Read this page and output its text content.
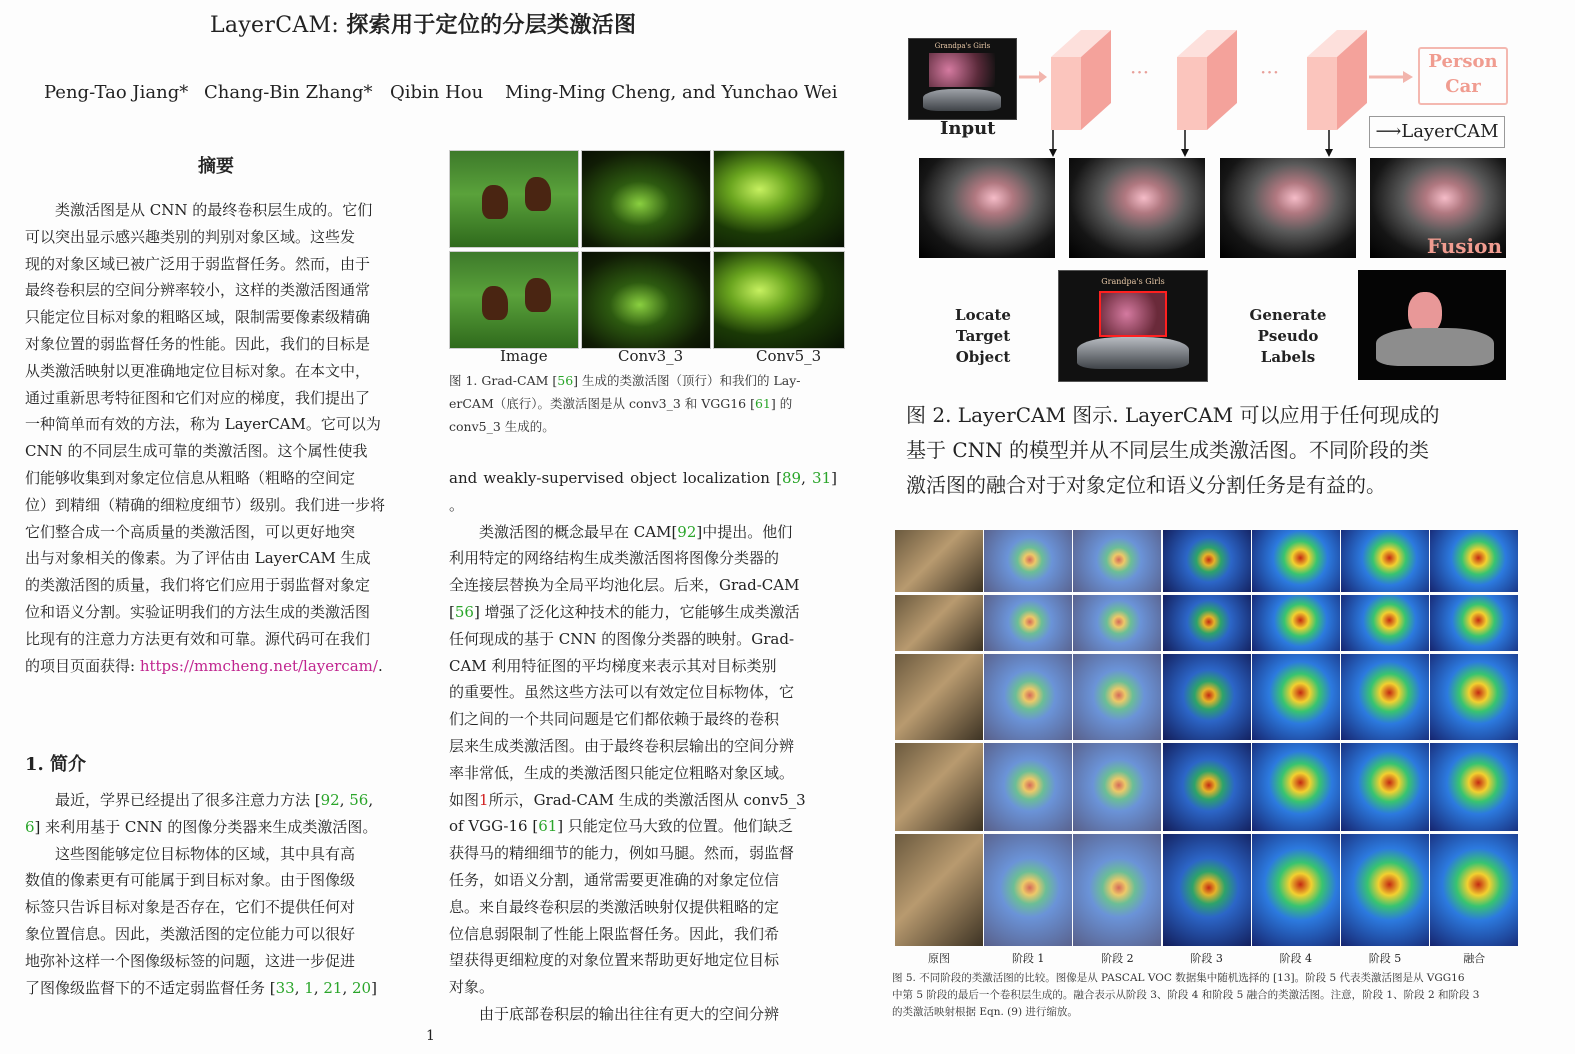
LayerCAM: 探索用于定位的分层类激活图
Peng-Tao Jiang* Chang-Bin Zhang* Qibin Hou Ming-Ming Cheng, and Yunchao Wei
摘要
类激活图是从 CNN 的最终卷积层生成的。它们
可以突出显示感兴趣类别的判别对象区域。这些发
现的对象区域已被广泛用于弱监督任务。然而，由于
最终卷积层的空间分辨率较小，这样的类激活图通常
只能定位目标对象的粗略区域，限制需要像素级精确
对象位置的弱监督任务的性能。因此，我们的目标是
从类激活映射以更准确地定位目标对象。在本文中，
通过重新思考特征图和它们对应的梯度，我们提出了
一种简单而有效的方法，称为 LayerCAM。它可以为
CNN 的不同层生成可靠的类激活图。这个属性使我
们能够收集到对象定位信息从粗略（粗略的空间定
位）到精细（精确的细粒度细节）级别。我们进一步将
它们整合成一个高质量的类激活图，可以更好地突
出与对象相关的像素。为了评估由 LayerCAM 生成
的类激活图的质量，我们将它们应用于弱监督对象定
位和语义分割。实验证明我们的方法生成的类激活图
比现有的注意力方法更有效和可靠。源代码可在我们
的项目页面获得: https://mmcheng.net/layercam/.
1. 简介
最近，学界已经提出了很多注意力方法 [92, 56,
6] 来利用基于 CNN 的图像分类器来生成类激活图。
这些图能够定位目标物体的区域，其中具有高
数值的像素更有可能属于到目标对象。由于图像级
标签只告诉目标对象是否存在，它们不提供任何对
象位置信息。因此，类激活图的定位能力可以很好
地弥补这样一个图像级标签的问题，这进一步促进
了图像级监督下的不适定弱监督任务 [33, 1, 21, 20]
Image	Conv3_3	Conv5_3
图 1. Grad-CAM [56] 生成的类激活图（顶行）和我们的 Lay-
erCAM（底行）。类激活图是从 conv3_3 和 VGG16 [61] 的
conv5_3 生成的。
and weakly-supervised object localization [89, 31] 。
类激活图的概念最早在 CAM[92]中提出。他们
利用特定的网络结构生成类激活图将图像分类器的
全连接层替换为全局平均池化层。后来，Grad-CAM
[56] 增强了泛化这种技术的能力，它能够生成类激活
任何现成的基于 CNN 的图像分类器的映射。Grad-
CAM 利用特征图的平均梯度来表示其对目标类别
的重要性。虽然这些方法可以有效定位目标物体，它
们之间的一个共同问题是它们都依赖于最终的卷积
层来生成类激活图。由于最终卷积层输出的空间分辨
率非常低，生成的类激活图只能定位粗略对象区域。
如图1所示，Grad-CAM 生成的类激活图从 conv5_3
of VGG-16 [61] 只能定位马大致的位置。他们缺乏
获得马的精细细节的能力，例如马腿。然而，弱监督
任务，如语义分割，通常需要更准确的对象定位信
息。来自最终卷积层的类激活映射仅提供粗略的定
位信息弱限制了性能上限监督任务。因此，我们希
望获得更细粒度的对象位置来帮助更好地定位目标
对象。
由于底部卷积层的输出往往有更大的空间分辨
1
Grandpa's Girls
Input
···	···	Person
Car
⟶LayerCAM
Fusion
Locate
Target Object
Grandpa's Girls
Generate
Pseudo Labels
图 2. LayerCAM 图示. LayerCAM 可以应用于任何现成的
基于 CNN 的模型并从不同层生成类激活图。不同阶段的类
激活图的融合对于对象定位和语义分割任务是有益的。
原图	阶段 1	阶段 2	阶段 3	阶段 4	阶段 5	融合
图 5. 不同阶段的类激活图的比较。图像是从 PASCAL VOC 数据集中随机选择的 [13]。阶段 5 代表类激活图是从 VGG16
中第 5 阶段的最后一个卷积层生成的。融合表示从阶段 3、阶段 4 和阶段 5 融合的类激活图。注意，阶段 1、阶段 2 和阶段 3
的类激活映射根据 Eqn. (9) 进行缩放。
